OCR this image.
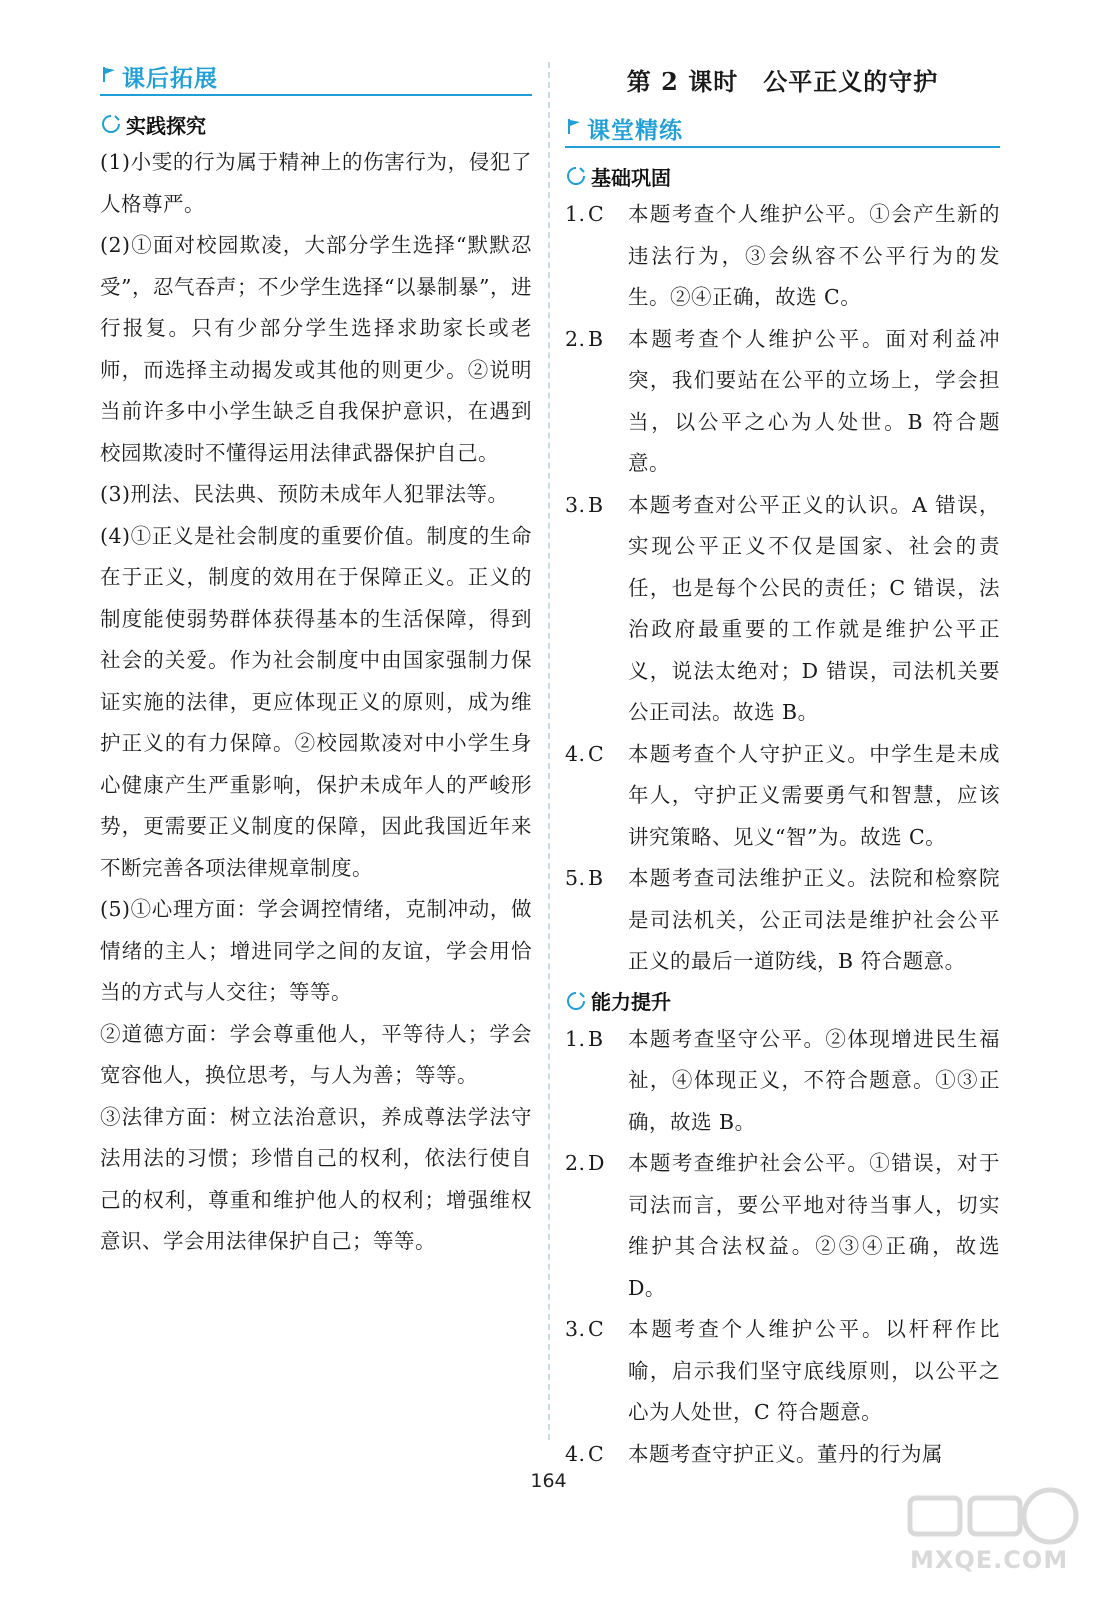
课后拓展
实践探究

(1)小雯的行为属于精神上的伤害行为，侵犯了人格尊严。

(2)①面对校园欺凌，大部分学生选择“默默忍受”，忍气吞声；不少学生选择“以暴制暴”，进行报复。只有少部分学生选择求助家长或老师，而选择主动揭发或其他的则更少。②说明当前许多中小学生缺乏自我保护意识，在遇到校园欺凌时不懂得运用法律武器保护自己。

(3)刑法、民法典、预防未成年人犯罪法等。

(4)①正义是社会制度的重要价值。制度的生命在于正义，制度的效用在于保障正义。正义的制度能使弱势群体获得基本的生活保障，得到社会的关爱。作为社会制度中由国家强制力保证实施的法律，更应体现正义的原则，成为维护正义的有力保障。②校园欺凌对中小学生身心健康产生严重影响，保护未成年人的严峻形势，更需要正义制度的保障，因此我国近年来不断完善各项法律规章制度。

(5)①心理方面：学会调控情绪，克制冲动，做情绪的主人；增进同学之间的友谊，学会用恰当的方式与人交往；等等。

②道德方面：学会尊重他人，平等待人；学会宽容他人，换位思考，与人为善；等等。

③法律方面：树立法治意识，养成尊法学法守法用法的习惯；珍惜自己的权利，依法行使自己的权利，尊重和维护他人的权利；增强维权意识、学会用法律保护自己；等等。

第 2 课时　公平正义的守护
课堂精练
基础巩固
1. C	本题考查个人维护公平。①会产生新的违法行为，③会纵容不公平行为的发生。②④正确，故选 C。
2. B	本题考查个人维护公平。面对利益冲突，我们要站在公平的立场上，学会担当，以公平之心为人处世。B 符合题意。
3. B	本题考查对公平正义的认识。A 错误，实现公平正义不仅是国家、社会的责任，也是每个公民的责任；C 错误，法治政府最重要的工作就是维护公平正义，说法太绝对；D 错误，司法机关要公正司法。故选 B。
4. C	本题考查个人守护正义。中学生是未成年人，守护正义需要勇气和智慧，应该讲究策略、见义“智”为。故选 C。
5. B	本题考查司法维护正义。法院和检察院是司法机关，公正司法是维护社会公平正义的最后一道防线，B 符合题意。
能力提升
1. B	本题考查坚守公平。②体现增进民生福祉，④体现正义，不符合题意。①③正确，故选 B。
2. D	本题考查维护社会公平。①错误，对于司法而言，要公平地对待当事人，切实维护其合法权益。②③④正确，故选 D。
3. C	本题考查个人维护公平。以杆秤作比喻，启示我们坚守底线原则，以公平之心为人处世，C 符合题意。
4. C	本题考查守护正义。董丹的行为属
164
MXQE.COM
